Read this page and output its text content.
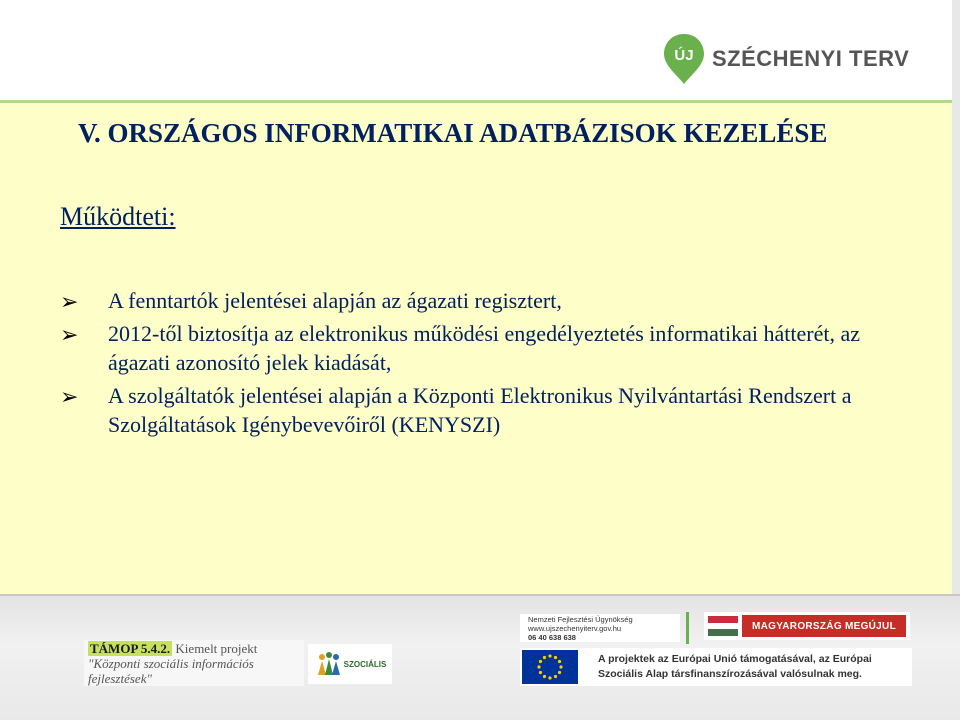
ÚJ SZÉCHENYI TERV
V. ORSZÁGOS INFORMATIKAI ADATBÁZISOK KEZELÉSE

Működteti:

➢ A fenntartók jelentései alapján az ágazati regisztert,
➢ 2012-től biztosítja az elektronikus működési engedélyeztetés informatikai hátterét, az ágazati azonosító jelek kiadását,
➢ A szolgáltatók jelentései alapján a Központi Elektronikus Nyilvántartási Rendszert a Szolgáltatások Igénybevevőiről (KENYSZI)
TÁMOP 5.4.2. Kiemelt projekt
"Központi szociális információs fejlesztések"
SZOCIÁLIS
Nemzeti Fejlesztési Ügynökség
www.ujszechenyiterv.gov.hu
06 40 638 638
MAGYARORSZÁG MEGÚJUL
A projektek az Európai Unió támogatásával, az Európai Szociális Alap társfinanszírozásával valósulnak meg.
